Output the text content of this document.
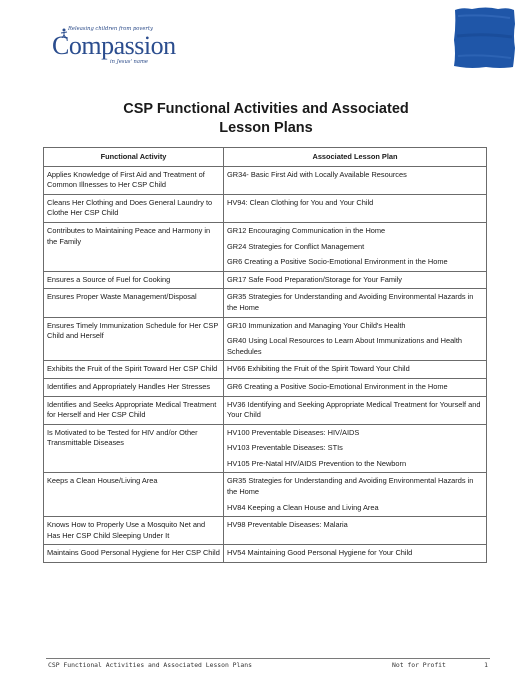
Releasing children from poverty
Compassion
in Jesus' name
CSP Functional Activities and Associated
Lesson Plans
Functional Activity	Associated Lesson Plan
Applies Knowledge of First Aid and Treatment of Common Illnesses to Her CSP Child	GR34- Basic First Aid with Locally Available Resources

Cleans Her Clothing and Does General Laundry to Clothe Her CSP Child	HV94: Clean Clothing for You and Your Child

Contributes to Maintaining Peace and Harmony in the Family	GR12 Encouraging Communication in the Home

GR24 Strategies for Conflict Management

GR6 Creating a Positive Socio-Emotional Environment in the Home

Ensures a Source of Fuel for Cooking	GR17 Safe Food Preparation/Storage for Your Family

Ensures Proper Waste Management/Disposal	GR35 Strategies for Understanding and Avoiding Environmental Hazards in the Home

Ensures Timely Immunization Schedule for Her CSP Child and Herself	GR10 Immunization and Managing Your Child's Health

GR40 Using Local Resources to Learn About Immunizations and Health Schedules

Exhibits the Fruit of the Spirit Toward Her CSP Child	HV66 Exhibiting the Fruit of the Spirit Toward Your Child

Identifies and Appropriately Handles Her Stresses	GR6 Creating a Positive Socio-Emotional Environment in the Home

Identifies and Seeks Appropriate Medical Treatment for Herself and Her CSP Child	HV36 Identifying and Seeking Appropriate Medical Treatment for Yourself and Your Child

Is Motivated to be Tested for HIV and/or Other Transmittable Diseases	HV100 Preventable Diseases: HIV/AIDS

HV103 Preventable Diseases: STIs

HV105 Pre-Natal HIV/AIDS Prevention to the Newborn

Keeps a Clean House/Living Area	GR35 Strategies for Understanding and Avoiding Environmental Hazards in the Home

HV84 Keeping a Clean House and Living Area

Knows How to Properly Use a Mosquito Net and Has Her CSP Child Sleeping Under It	HV98 Preventable Diseases: Malaria

Maintains Good Personal Hygiene for Her CSP Child	HV54 Maintaining Good Personal Hygiene for Your Child

CSP Functional Activities and Associated Lesson Plans	Not for Profit	1
